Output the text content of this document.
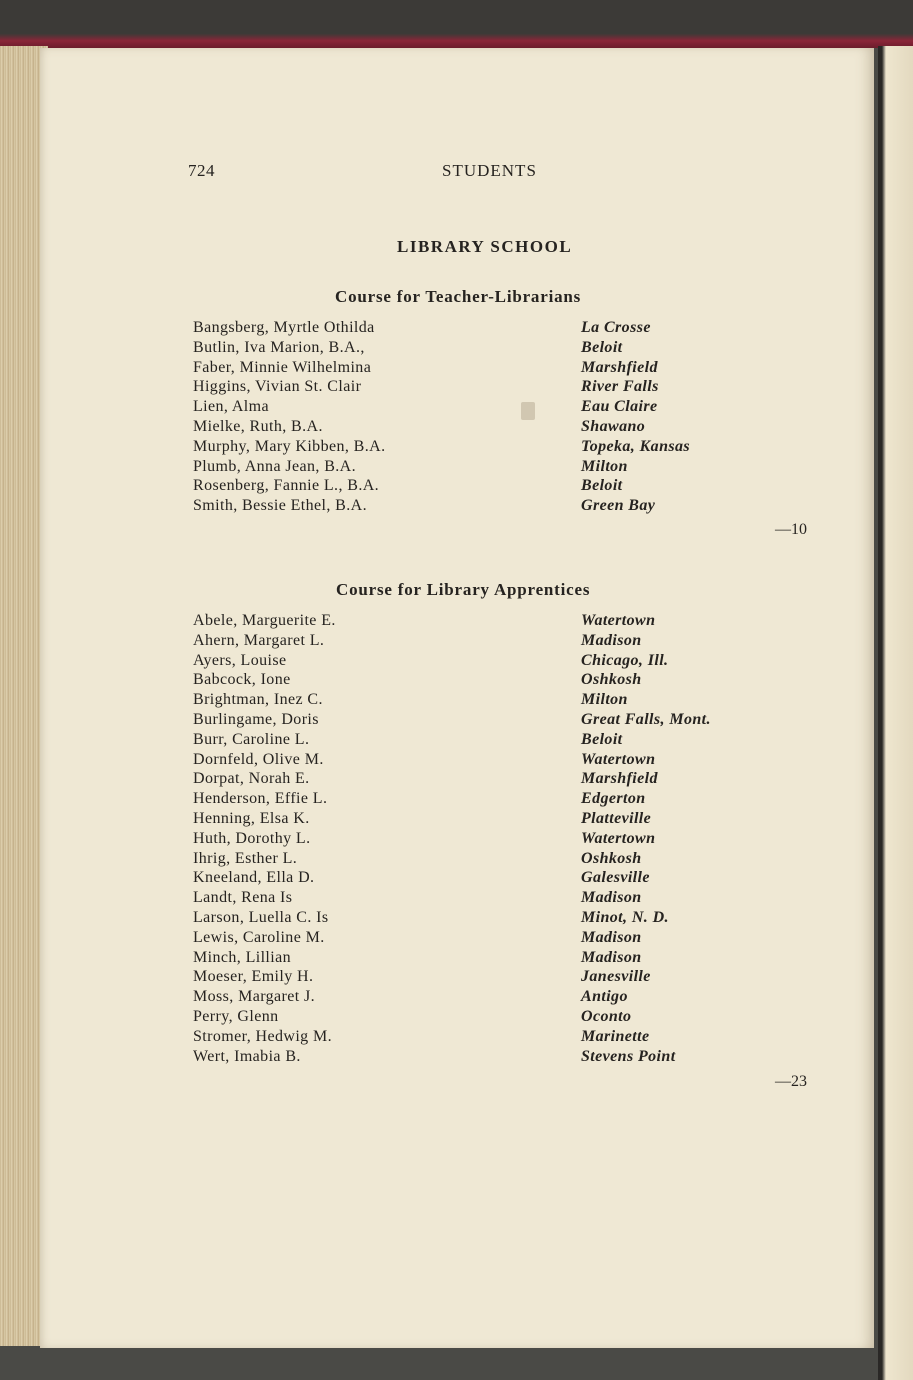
724	STUDENTS
LIBRARY SCHOOL
Course for Teacher-Librarians
Bangsberg, Myrtle Othilda	La Crosse
Butlin, Iva Marion, B.A.,	Beloit
Faber, Minnie Wilhelmina	Marshfield
Higgins, Vivian St. Clair	River Falls
Lien, Alma	Eau Claire
Mielke, Ruth, B.A.	Shawano
Murphy, Mary Kibben, B.A.	Topeka, Kansas
Plumb, Anna Jean, B.A.	Milton
Rosenberg, Fannie L., B.A.	Beloit
Smith, Bessie Ethel, B.A.	Green Bay
—10
Course for Library Apprentices
Abele, Marguerite E.	Watertown
Ahern, Margaret L.	Madison
Ayers, Louise	Chicago, Ill.
Babcock, Ione	Oshkosh
Brightman, Inez C.	Milton
Burlingame, Doris	Great Falls, Mont.
Burr, Caroline L.	Beloit
Dornfeld, Olive M.	Watertown
Dorpat, Norah E.	Marshfield
Henderson, Effie L.	Edgerton
Henning, Elsa K.	Platteville
Huth, Dorothy L.	Watertown
Ihrig, Esther L.	Oshkosh
Kneeland, Ella D.	Galesville
Landt, Rena Is	Madison
Larson, Luella C. Is	Minot, N. D.
Lewis, Caroline M.	Madison
Minch, Lillian	Madison
Moeser, Emily H.	Janesville
Moss, Margaret J.	Antigo
Perry, Glenn	Oconto
Stromer, Hedwig M.	Marinette
Wert, Imabia B.	Stevens Point
—23
